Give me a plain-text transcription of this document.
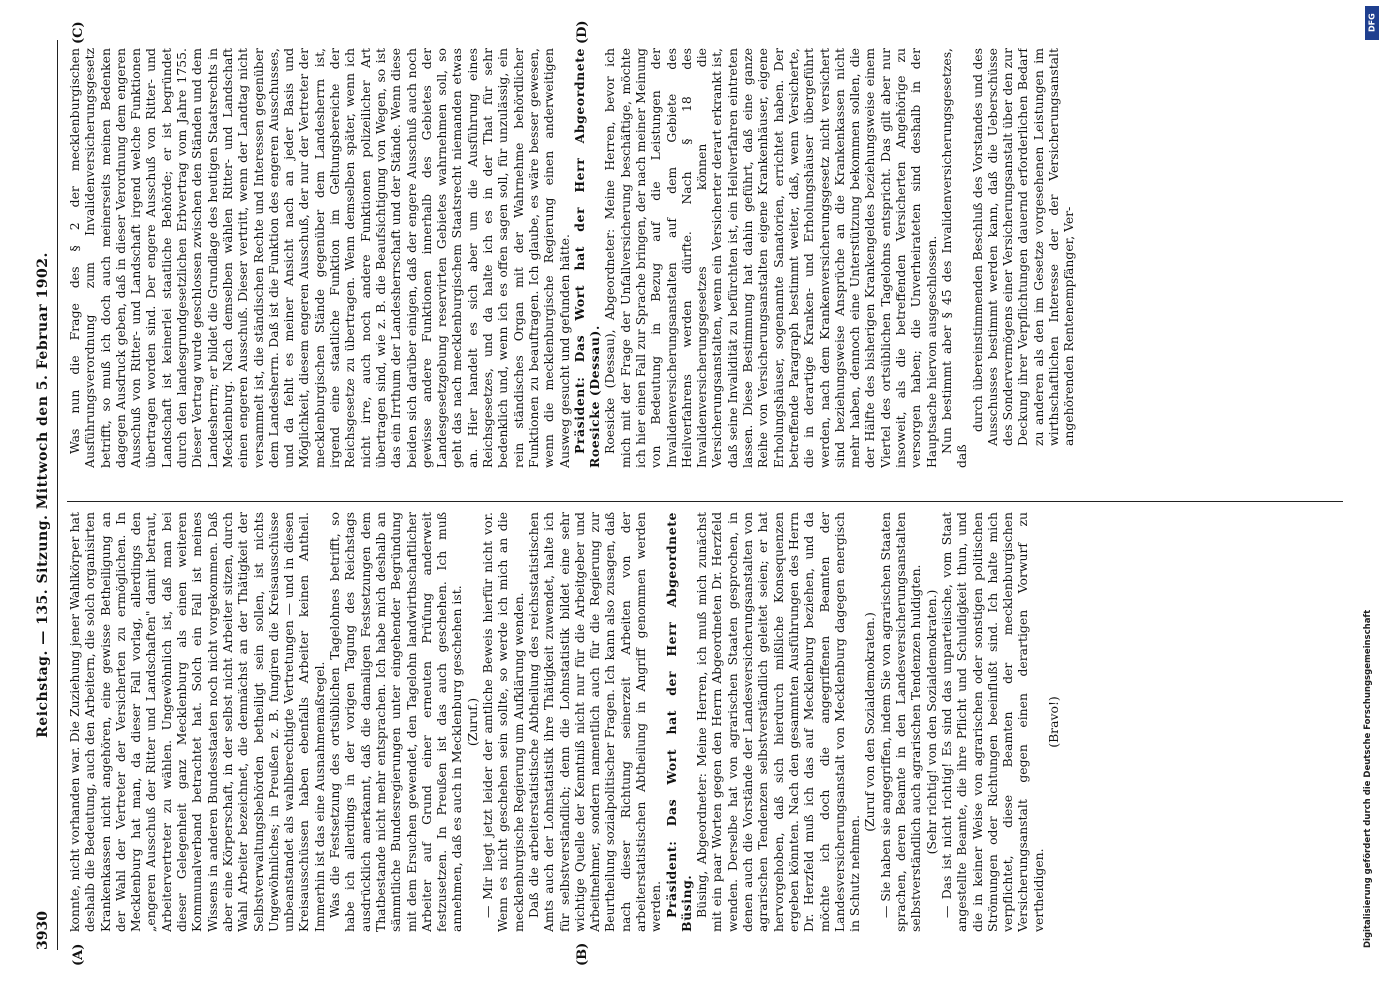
3930
Reichstag. — 135. Sitzung. Mittwoch den 5. Februar 1902.
(A)	(B)
(C)	(D)

konnte, nicht vorhanden war. Die Zuziehung jener Wahlkörper hat deshalb die Bedeutung, auch den Arbeitern, die solch organisirten Krankenkassen nicht angehören, eine gewisse Betheiligung an der Wahl der Vertreter der Versicherten zu ermöglichen. In Mecklenburg hat man, da dieser Fall vorlag, allerdings den „engeren Ausschuß der Ritter und Landschaften" damit betraut, Arbeitervertreter zu wählen. Ungewöhnlich ist, daß man bei dieser Gelegenheit ganz Mecklenburg als einen weiteren Kommunalverband betrachtet hat. Solch ein Fall ist meines Wissens in anderen Bundesstaaten noch nicht vorgekommen. Daß aber eine Körperschaft, in der selbst nicht Arbeiter sitzen, durch Wahl Arbeiter bezeichnet, die demnächst an der Thätigkeit der Selbstverwaltungsbehörden betheiligt sein sollen, ist nichts Ungewöhnliches; in Preußen z. B. fungiren die Kreisausschüsse unbeanstandet als wahlberechtigte Vertretungen — und in diesen Kreisausschüssen haben ebenfalls Arbeiter keinen Antheil. Immerhin ist das eine Ausnahmemaßregel. Was die Festsetzung des ortsüblichen Tagelohnes betrifft, so habe ich allerdings in der vorigen Tagung des Reichstags ausdrücklich anerkannt, daß die damaligen Festsetzungen dem Thatbestande nicht mehr entsprachen. Ich habe mich deshalb an sämmtliche Bundesregierungen unter eingehender Begründung mit dem Ersuchen gewendet, den Tagelohn landwirthschaftlicher Arbeiter auf Grund einer erneuten Prüfung anderweit festzusetzen. In Preußen ist das auch geschehen. Ich muß annehmen, daß es auch in Mecklenburg geschehen ist. (Zuruf.) — Mir liegt jetzt leider der amtliche Beweis hierfür nicht vor. Wenn es nicht geschehen sein sollte, so werde ich mich an die mecklenburgische Regierung um Aufklärung wenden. Daß die arbeiterstatistische Abtheilung des reichsstatistischen Amts auch der Lohnstatistik ihre Thätigkeit zuwendet, halte ich für selbstverständlich; denn die Lohnstatistik bildet eine sehr wichtige Quelle der Kenntniß nicht nur für die Arbeitgeber und Arbeitnehmer, sondern namentlich auch für die Regierung zur Beurtheilung sozialpolitischer Fragen. Ich kann also zusagen, daß nach dieser Richtung seinerzeit Arbeiten von der arbeiterstatistischen Abtheilung in Angriff genommen werden werden. Präsident: Das Wort hat der Herr Abgeordnete Büsing. Büsing, Abgeordneter: Meine Herren, ich muß mich zunächst mit ein paar Worten gegen den Herrn Abgeordneten Dr. Herzfeld wenden. Derselbe hat von agrarischen Staaten gesprochen, in denen auch die Vorstände der Landesversicherungsanstalten von agrarischen Tendenzen selbstverständlich geleitet seien; er hat hervorgehoben, daß sich hierdurch mißliche Konsequenzen ergeben könnten. Nach den gesammten Ausführungen des Herrn Dr. Herzfeld muß ich das auf Mecklenburg beziehen, und da möchte ich doch die angegriffenen Beamten der Landesversicherungsanstalt von Mecklenburg dagegen energisch in Schutz nehmen.

(Zuruf von den Sozialdemokraten.) — Sie haben sie angegriffen, indem Sie von agrarischen Staaten sprachen, deren Beamte in den Landesversicherungsanstalten selbstverständlich auch agrarischen Tendenzen huldigten. (Sehr richtig! von den Sozialdemokraten.) — Das ist nicht richtig! Es sind das unparteiische, vom Staat angestellte Beamte, die ihre Pflicht und Schuldigkeit thun, und die in keiner Weise von agrarischen oder sonstigen politischen Strömungen oder Richtungen beeinflußt sind. Ich halte mich verpflichtet, diese Beamten der mecklenburgischen Versicherungsanstalt gegen einen derartigen Vorwurf zu vertheidigen.

(Bravo!)

Was nun die Frage des § 2 der mecklenburgischen Ausführungsverordnung zum Invalidenversicherungsgesetz betrifft, so muß ich doch auch meinerseits meinen Bedenken dagegen Ausdruck geben, daß in dieser Verordnung dem engeren Ausschuß von Ritter- und Landschaft irgend welche Funktionen übertragen worden sind. Der engere Ausschuß von Ritter- und Landschaft ist keinerlei staatliche Behörde; er ist begründet durch den landesgrundgesetzlichen Erbvertrag vom Jahre 1755. Dieser Vertrag wurde geschlossen zwischen den Ständen und dem Landesherrn; er bildet die Grundlage des heutigen Staatsrechts in Mecklenburg. Nach demselben wählen Ritter- und Landschaft einen engeren Ausschuß. Dieser vertritt, wenn der Landtag nicht versammelt ist, die ständischen Rechte und Interessen gegenüber dem Landesherrn. Daß ist die Funktion des engeren Ausschusses, und da fehlt es meiner Ansicht nach an jeder Basis und Möglichkeit, diesem engeren Ausschuß, der nur der Vertreter der mecklenburgischen Stände gegenüber dem Landesherrn ist, irgend eine staatliche Funktion im Geltungsbereiche der Reichsgesetze zu übertragen. Wenn demselben später, wenn ich nicht irre, auch noch andere Funktionen polizeilicher Art übertragen sind, wie z. B. die Beaufsichtigung von Wegen, so ist das ein Irrthum der Landesherrschaft und der Stände. Wenn diese beiden sich darüber einigen, daß der engere Ausschuß auch noch gewisse andere Funktionen innerhalb des Gebietes der Landesgesetzgebung reservirten Gebietes wahrnehmen soll, so geht das nach mecklenburgischem Staatsrecht niemanden etwas an. Hier handelt es sich aber um die Ausführung eines Reichsgesetzes, und da halte ich es in der That für sehr bedenklich und, wenn ich es offen sagen soll, für unzulässig, ein rein ständisches Organ mit der Wahrnehme behördlicher Funktionen zu beauftragen. Ich glaube, es wäre besser gewesen, wenn die mecklenburgische Regierung einen anderweitigen Ausweg gesucht und gefunden hätte. Präsident: Das Wort hat der Herr Abgeordnete Roesicke (Dessau). Roesicke (Dessau), Abgeordneter: Meine Herren, bevor ich mich mit der Frage der Unfallversicherung beschäftige, möchte ich hier einen Fall zur Sprache bringen, der nach meiner Meinung von Bedeutung in Bezug auf die Leistungen der Invalidenversicherungsanstalten auf dem Gebiete des Heilverfahrens werden dürfte. Nach § 18 des Invalidenversicherungsgesetzes können die Versicherungsanstalten, wenn ein Versicherter derart erkrankt ist, daß seine Invalidität zu befürchten ist, ein Heilverfahren eintreten lassen. Diese Bestimmung hat dahin geführt, daß eine ganze Reihe von Versicherungsanstalten eigene Krankenhäuser, eigene Erholungshäuser, sogenannte Sanatorien, errichtet haben. Der betreffende Paragraph bestimmt weiter, daß, wenn Versicherte, die in derartige Kranken- und Erholungshäuser übergeführt werden, nach dem Krankenversicherungsgesetz nicht versichert sind beziehungsweise Ansprüche an die Krankenkassen nicht mehr haben, dennoch eine Unterstützung bekommen sollen, die der Hälfte des bisherigen Krankengeldes beziehungsweise einem Viertel des ortsüblichen Tagelohns entspricht. Das gilt aber nur insoweit, als die betreffenden Versicherten Angehörige zu versorgen haben; die Unverheirateten sind deshalb in der Hauptsache hiervon ausgeschlossen. Nun bestimmt aber § 45 des Invalidenversicherungsgesetzes, daß

durch übereinstimmenden Beschluß des Vorstandes und des Ausschusses bestimmt werden kann, daß die Ueberschüsse des Sondervermögens einer Versicherungsanstalt über den zur Deckung ihrer Verpflichtungen dauernd erforderlichen Bedarf zu anderen als den im Gesetze vorgesehenen Leistungen im wirthschaftlichen Interesse der der Versicherungsanstalt angehörenden Rentenempfänger, Ver-

DFG
Digitalisierung gefördert durch die Deutsche Forschungsgemeinschaft
